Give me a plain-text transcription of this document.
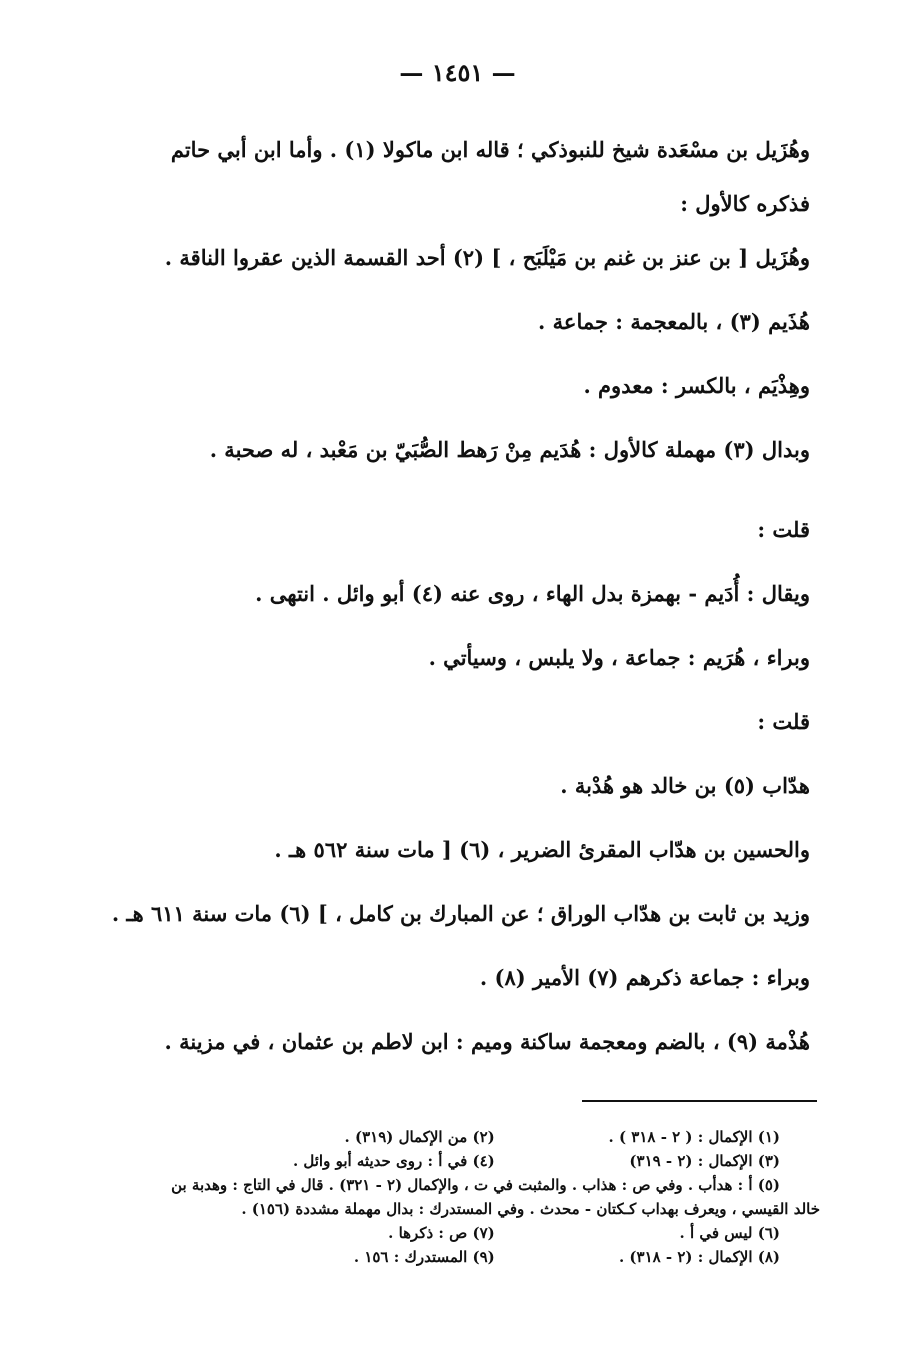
— ١٤٥١ —
وهُزَيل بن مسْعَدة شيخ للنبوذكي ؛ قاله ابن ماكولا (١) . وأما ابن أبي حاتم
فذكره كالأول :
وهُزَيل [ بن عنز بن غنم بن مَيْلَبَح ، ] (٢) أحد القسمة الذين عقروا الناقة .
هُذَيم (٣) ، بالمعجمة : جماعة .
وهِذْيَم ، بالكسر : معدوم .
وبدال (٣) مهملة كالأول : هُدَيم مِنْ رَهط الصُّبَيّ بن مَعْبد ، له صحبة .
قلت :
ويقال : أُدَيم - بهمزة بدل الهاء ، روى عنه (٤) أبو وائل . انتهى .
وبراء ، هُرَيم : جماعة ، ولا يلبس ، وسيأتي .
قلت :
هدّاب (٥) بن خالد هو هُدْبة .
والحسين بن هدّاب المقرئ الضرير ، (٦) [ مات سنة ٥٦٢ هـ .
وزيد بن ثابت بن هدّاب الوراق ؛ عن المبارك بن كامل ، ] (٦) مات سنة ٦١١ هـ .
وبراء : جماعة ذكرهم (٧) الأمير (٨) .
هُذْمة (٩) ، بالضم ومعجمة ساكنة وميم : ابن لاطم بن عثمان ، في مزينة .
(١) الإكمال : ( ٢ - ٣١٨ ) . (٢) من الإكمال (٣١٩) .
(٣) الإكمال : (٢ - ٣١٩) (٤) في أ : روى حديثه أبو وائل .
(٥) أ : هدأب . وفي ص : هذاب . والمثبت في ت ، والإكمال (٢ - ٣٢١) . قال في التاج : وهدبة بن
خالد القيسي ، ويعرف بهداب كـكتان - محدث . وفي المستدرك : بدال مهملة مشددة (١٥٦) .
(٦) ليس في أ . (٧) ص : ذكرها .
(٨) الإكمال : (٢ - ٣١٨) . (٩) المستدرك : ١٥٦ .
